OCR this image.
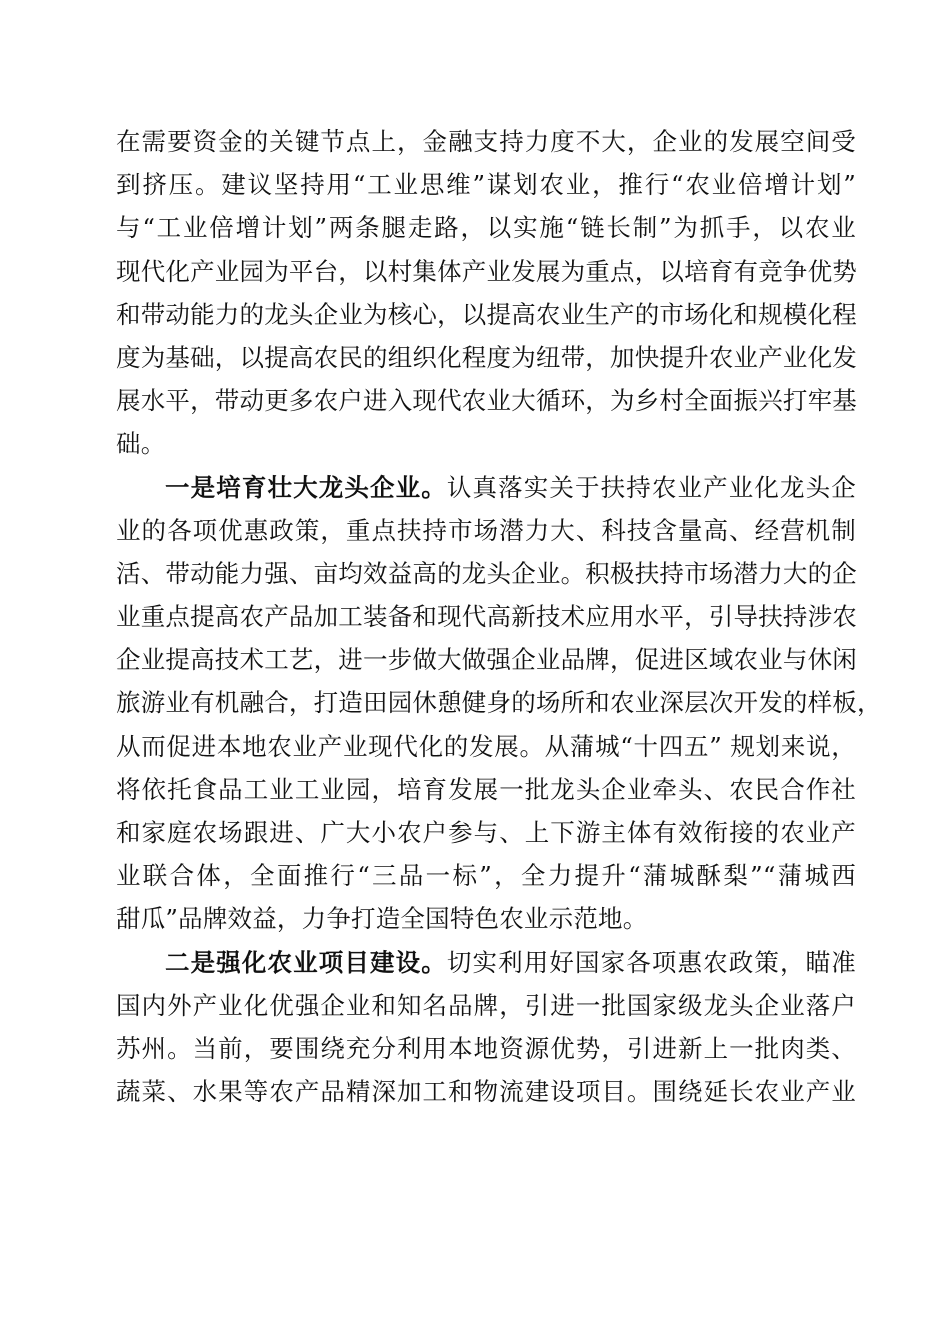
在需要资金的关键节点上，金融支持力度不大，企业的发展空间受
到挤压。建议坚持用“工业思维”谋划农业，推行“农业倍增计划”
与“工业倍增计划”两条腿走路，以实施“链长制”为抓手，以农业
现代化产业园为平台，以村集体产业发展为重点，以培育有竞争优势
和带动能力的龙头企业为核心，以提高农业生产的市场化和规模化程
度为基础，以提高农民的组织化程度为纽带，加快提升农业产业化发
展水平，带动更多农户进入现代农业大循环，为乡村全面振兴打牢基
础。
一是培育壮大龙头企业。认真落实关于扶持农业产业化龙头企
业的各项优惠政策，重点扶持市场潜力大、科技含量高、经营机制
活、带动能力强、亩均效益高的龙头企业。积极扶持市场潜力大的企
业重点提高农产品加工装备和现代高新技术应用水平，引导扶持涉农
企业提高技术工艺，进一步做大做强企业品牌，促进区域农业与休闲
旅游业有机融合，打造田园休憩健身的场所和农业深层次开发的样板，
从而促进本地农业产业现代化的发展。从蒲城“十四五” 规划来说，
将依托食品工业工业园，培育发展一批龙头企业牵头、农民合作社
和家庭农场跟进、广大小农户参与、上下游主体有效衔接的农业产
业联合体，全面推行“三品一标”，全力提升“蒲城酥梨”“蒲城西
甜瓜”品牌效益，力争打造全国特色农业示范地。
二是强化农业项目建设。切实利用好国家各项惠农政策，瞄准
国内外产业化优强企业和知名品牌，引进一批国家级龙头企业落户
苏州。当前，要围绕充分利用本地资源优势，引进新上一批肉类、
蔬菜、水果等农产品精深加工和物流建设项目。围绕延长农业产业
